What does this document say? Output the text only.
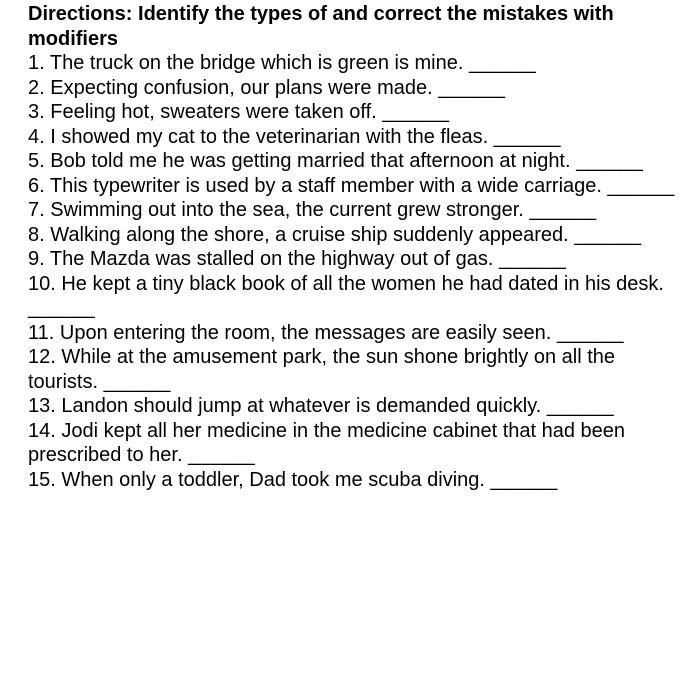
Directions: Identify the types of and correct the mistakes with modifiers

1. The truck on the bridge which is green is mine. ______

2. Expecting confusion, our plans were made. ______

3. Feeling hot, sweaters were taken off. ______

4. I showed my cat to the veterinarian with the fleas. ______

5. Bob told me he was getting married that afternoon at night. ______

6. This typewriter is used by a staff member with a wide carriage. ______

7. Swimming out into the sea, the current grew stronger. ______

8. Walking along the shore, a cruise ship suddenly appeared. ______

9. The Mazda was stalled on the highway out of gas. ______

10. He kept a tiny black book of all the women he had dated in his desk. ______

11. Upon entering the room, the messages are easily seen. ______

12. While at the amusement park, the sun shone brightly on all the tourists. ______

13. Landon should jump at whatever is demanded quickly. ______

14. Jodi kept all her medicine in the medicine cabinet that had been prescribed to her. ______

15. When only a toddler, Dad took me scuba diving. ______
